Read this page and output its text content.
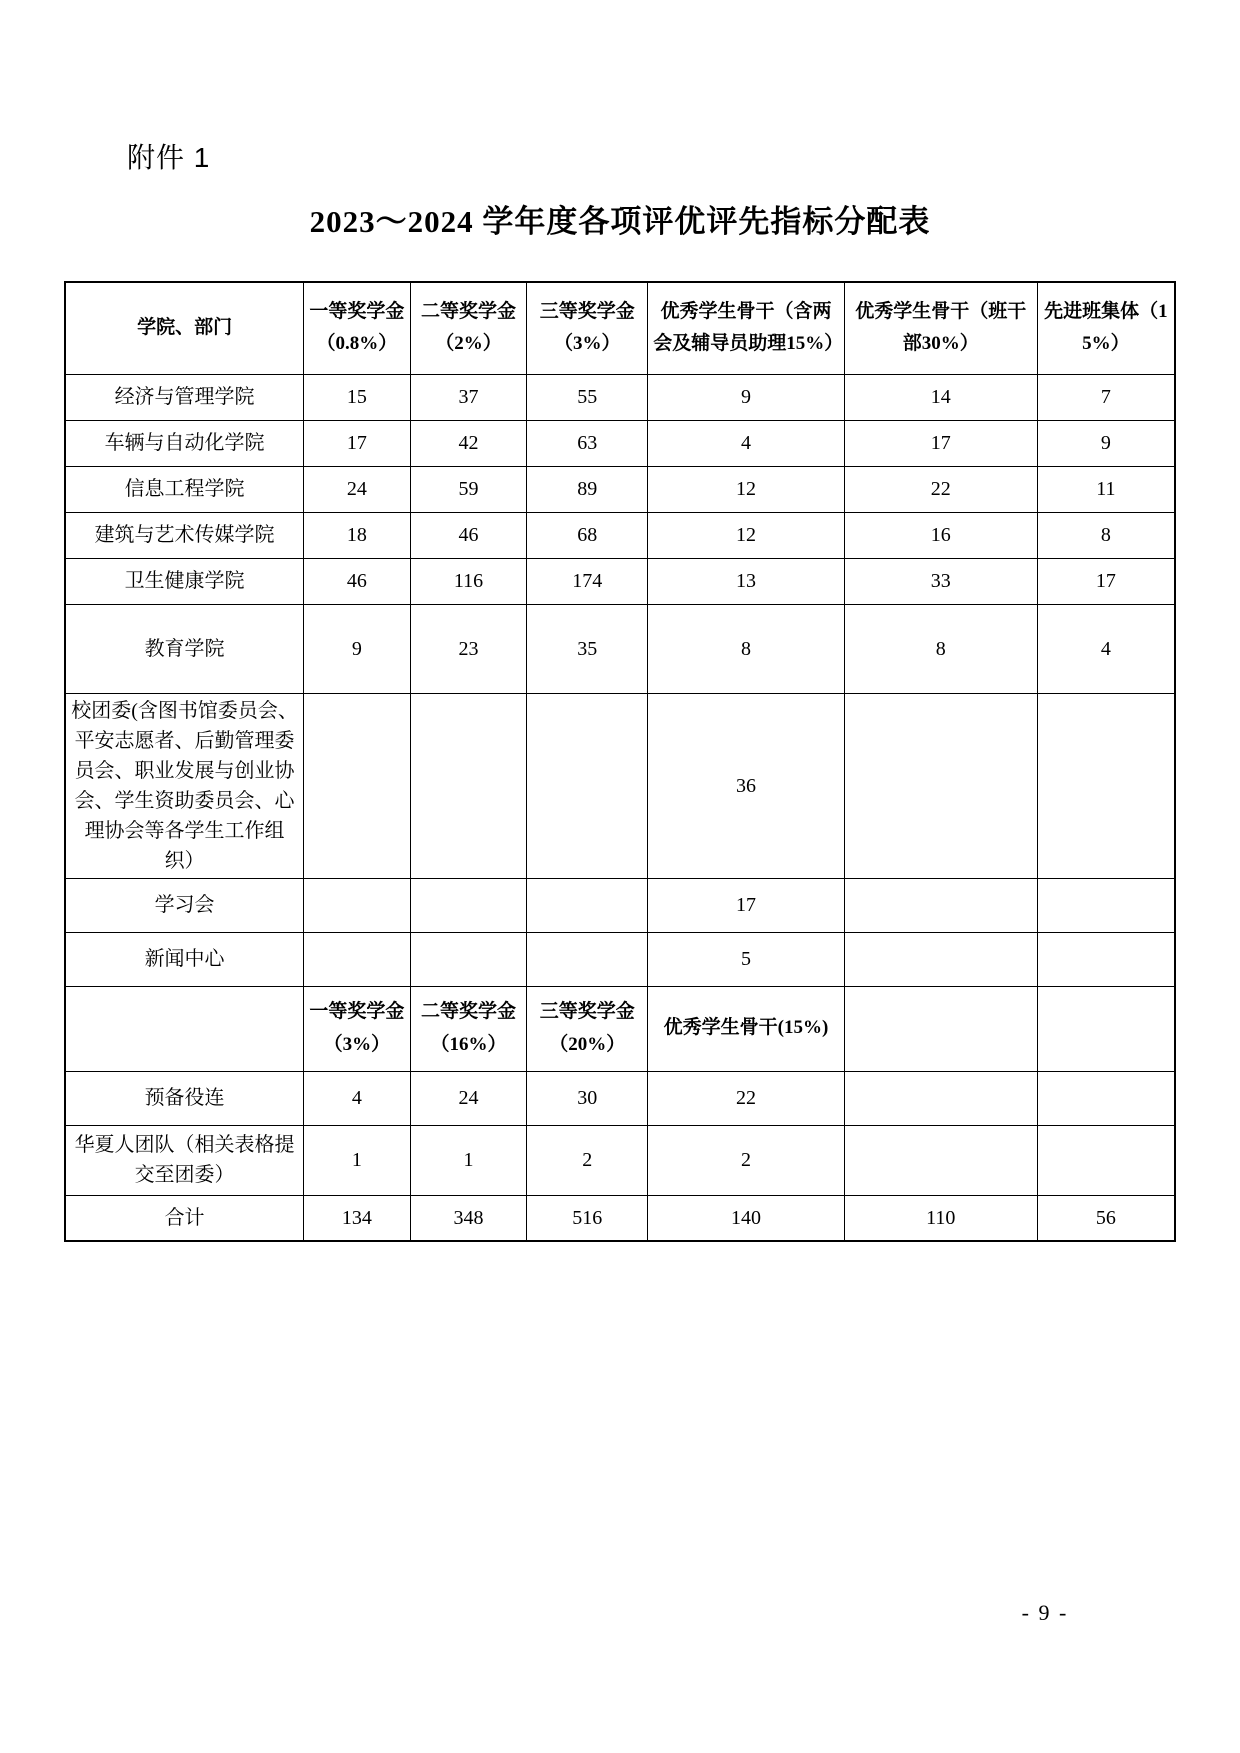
附件 1
2023～2024 学年度各项评优评先指标分配表
学院、部门	一等奖学金（0.8%）	二等奖学金（2%）	三等奖学金（3%）	优秀学生骨干（含两会及辅导员助理15%）	优秀学生骨干（班干部30%）	先进班集体（15%）
经济与管理学院	15	37	55	9	14	7
车辆与自动化学院	17	42	63	4	17	9
信息工程学院	24	59	89	12	22	11
建筑与艺术传媒学院	18	46	68	12	16	8
卫生健康学院	46	116	174	13	33	17
教育学院	9	23	35	8	8	4
校团委(含图书馆委员会、平安志愿者、后勤管理委员会、职业发展与创业协会、学生资助委员会、心理协会等各学生工作组织）				36		
学习会				17		
新闻中心				5		
	一等奖学金（3%）	二等奖学金（16%）	三等奖学金（20%）	优秀学生骨干(15%)		
预备役连	4	24	30	22		
华夏人团队（相关表格提交至团委）	1	1	2	2		
合计	134	348	516	140	110	56
- 9 -
